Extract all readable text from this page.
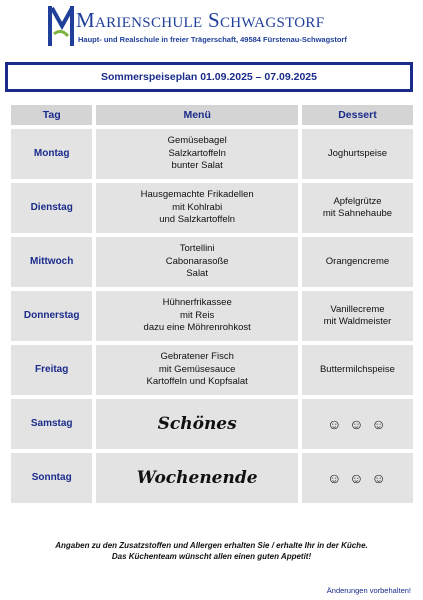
Marienschule Schwagstorf
Haupt- und Realschule in freier Trägerschaft, 49584 Fürstenau-Schwagstorf
Sommerspeiseplan 01.09.2025 – 07.09.2025
Tag	Menü	Dessert
Montag	Gemüsebagel
Salzkartoffeln
bunter Salat	Joghurtspeise

Dienstag	Hausgemachte Frikadellen
mit Kohlrabi
und Salzkartoffeln	Apfelgrütze
mit Sahnehaube

Mittwoch	Tortellini
Cabonarasoße
Salat	Orangencreme

Donnerstag	Hühnerfrikassee
mit Reis
dazu eine Möhrenrohkost	Vanillecreme
mit Waldmeister

Freitag	Gebratener Fisch
mit Gemüsesauce
Kartoffeln und Kopfsalat	Buttermilchspeise

Samstag	Schönes	☺ ☺ ☺

Sonntag	Wochenende	☺ ☺ ☺
Angaben zu den Zusatzstoffen und Allergen erhalten Sie / erhalte Ihr in der Küche.
Das Küchenteam wünscht allen einen guten Appetit!
Änderungen vorbehalten!
